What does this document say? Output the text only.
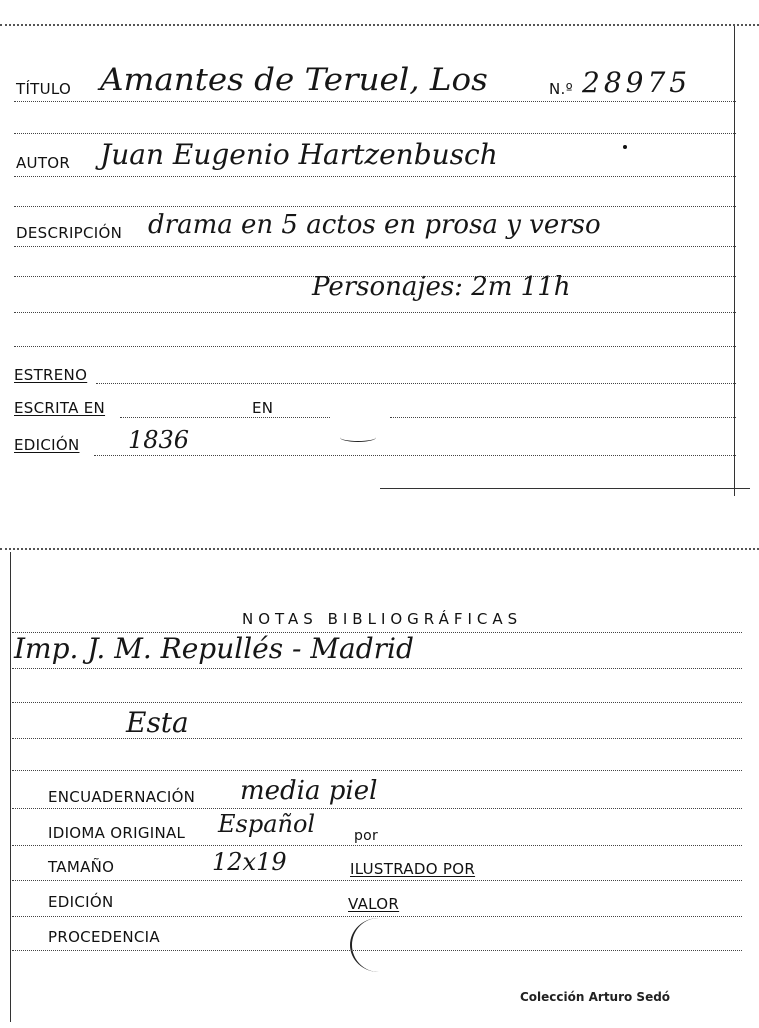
TÍTULO Amantes de Teruel, Los	N.º 28975
AUTOR Juan Eugenio Hartzenbusch
DESCRIPCIÓN drama en 5 actos en prosa y verso
Personajes: 2m 11h
ESTRENO
ESCRITA EN	EN
EDICIÓN 1836
NOTAS BIBLIOGRÁFICAS
Imp. J. M. Repullés - Madrid
Esta
ENCUADERNACIÓN media piel
IDIOMA ORIGINAL Español	por
TAMAÑO	12x19	ILUSTRADO POR
EDICIÓN	VALOR
PROCEDENCIA
Colección Arturo Sedó
